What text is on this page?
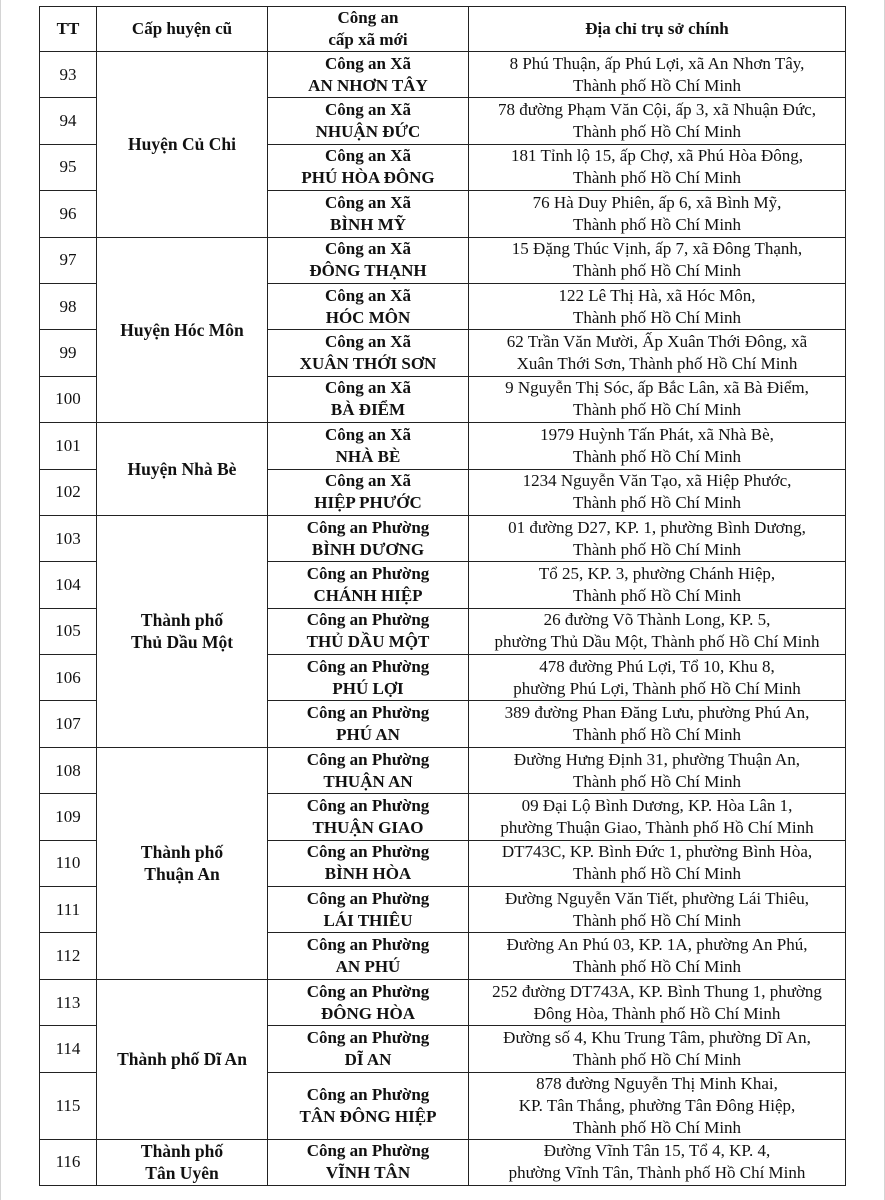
TT	Cấp huyện cũ	Công an
cấp xã mới	Địa chỉ trụ sở chính
93	Huyện Củ Chi	Công an Xã
AN NHƠN TÂY	8 Phú Thuận, ấp Phú Lợi, xã An Nhơn Tây,
Thành phố Hồ Chí Minh

94		Công an Xã
NHUẬN ĐỨC	78 đường Phạm Văn Cội, ấp 3, xã Nhuận Đức,
Thành phố Hồ Chí Minh

95		Công an Xã
PHÚ HÒA ĐÔNG	181 Tỉnh lộ 15, ấp Chợ, xã Phú Hòa Đông,
Thành phố Hồ Chí Minh

96		Công an Xã
BÌNH MỸ	76 Hà Duy Phiên, ấp 6, xã Bình Mỹ,
Thành phố Hồ Chí Minh

97	Huyện Hóc Môn	Công an Xã
ĐÔNG THẠNH	15 Đặng Thúc Vịnh, ấp 7, xã Đông Thạnh,
Thành phố Hồ Chí Minh

98		Công an Xã
HÓC MÔN	122 Lê Thị Hà, xã Hóc Môn,
Thành phố Hồ Chí Minh

99		Công an Xã
XUÂN THỚI SƠN	62 Trần Văn Mười, Ấp Xuân Thới Đông, xã
Xuân Thới Sơn, Thành phố Hồ Chí Minh

100		Công an Xã
BÀ ĐIỂM	9 Nguyễn Thị Sóc, ấp Bắc Lân, xã Bà Điểm,
Thành phố Hồ Chí Minh

101	Huyện Nhà Bè	Công an Xã
NHÀ BÈ	1979 Huỳnh Tấn Phát, xã Nhà Bè,
Thành phố Hồ Chí Minh

102		Công an Xã
HIỆP PHƯỚC	1234 Nguyễn Văn Tạo, xã Hiệp Phước,
Thành phố Hồ Chí Minh

103	Thành phố
Thủ Dầu Một	Công an Phường
BÌNH DƯƠNG	01 đường D27, KP. 1, phường Bình Dương,
Thành phố Hồ Chí Minh

104		Công an Phường
CHÁNH HIỆP	Tổ 25, KP. 3, phường Chánh Hiệp,
Thành phố Hồ Chí Minh

105		Công an Phường
THỦ DẦU MỘT	26 đường Võ Thành Long, KP. 5,
phường Thủ Dầu Một, Thành phố Hồ Chí Minh

106		Công an Phường
PHÚ LỢI	478 đường Phú Lợi, Tổ 10, Khu 8,
phường Phú Lợi, Thành phố Hồ Chí Minh

107		Công an Phường
PHÚ AN	389 đường Phan Đăng Lưu, phường Phú An,
Thành phố Hồ Chí Minh

108	Thành phố
Thuận An	Công an Phường
THUẬN AN	Đường Hưng Định 31, phường Thuận An,
Thành phố Hồ Chí Minh

109		Công an Phường
THUẬN GIAO	09 Đại Lộ Bình Dương, KP. Hòa Lân 1,
phường Thuận Giao, Thành phố Hồ Chí Minh

110		Công an Phường
BÌNH HÒA	DT743C, KP. Bình Đức 1, phường Bình Hòa,
Thành phố Hồ Chí Minh

111		Công an Phường
LÁI THIÊU	Đường Nguyễn Văn Tiết, phường Lái Thiêu,
Thành phố Hồ Chí Minh

112		Công an Phường
AN PHÚ	Đường An Phú 03, KP. 1A, phường An Phú,
Thành phố Hồ Chí Minh

113	Thành phố Dĩ An	Công an Phường
ĐÔNG HÒA	252 đường DT743A, KP. Bình Thung 1, phường
Đông Hòa, Thành phố Hồ Chí Minh

114		Công an Phường
DĨ AN	Đường số 4, Khu Trung Tâm, phường Dĩ An,
Thành phố Hồ Chí Minh

115		Công an Phường
TÂN ĐÔNG HIỆP	878 đường Nguyễn Thị Minh Khai,
KP. Tân Thắng, phường Tân Đông Hiệp,
Thành phố Hồ Chí Minh

116	Thành phố
Tân Uyên	Công an Phường
VĨNH TÂN	Đường Vĩnh Tân 15, Tổ 4, KP. 4,
phường Vĩnh Tân, Thành phố Hồ Chí Minh
